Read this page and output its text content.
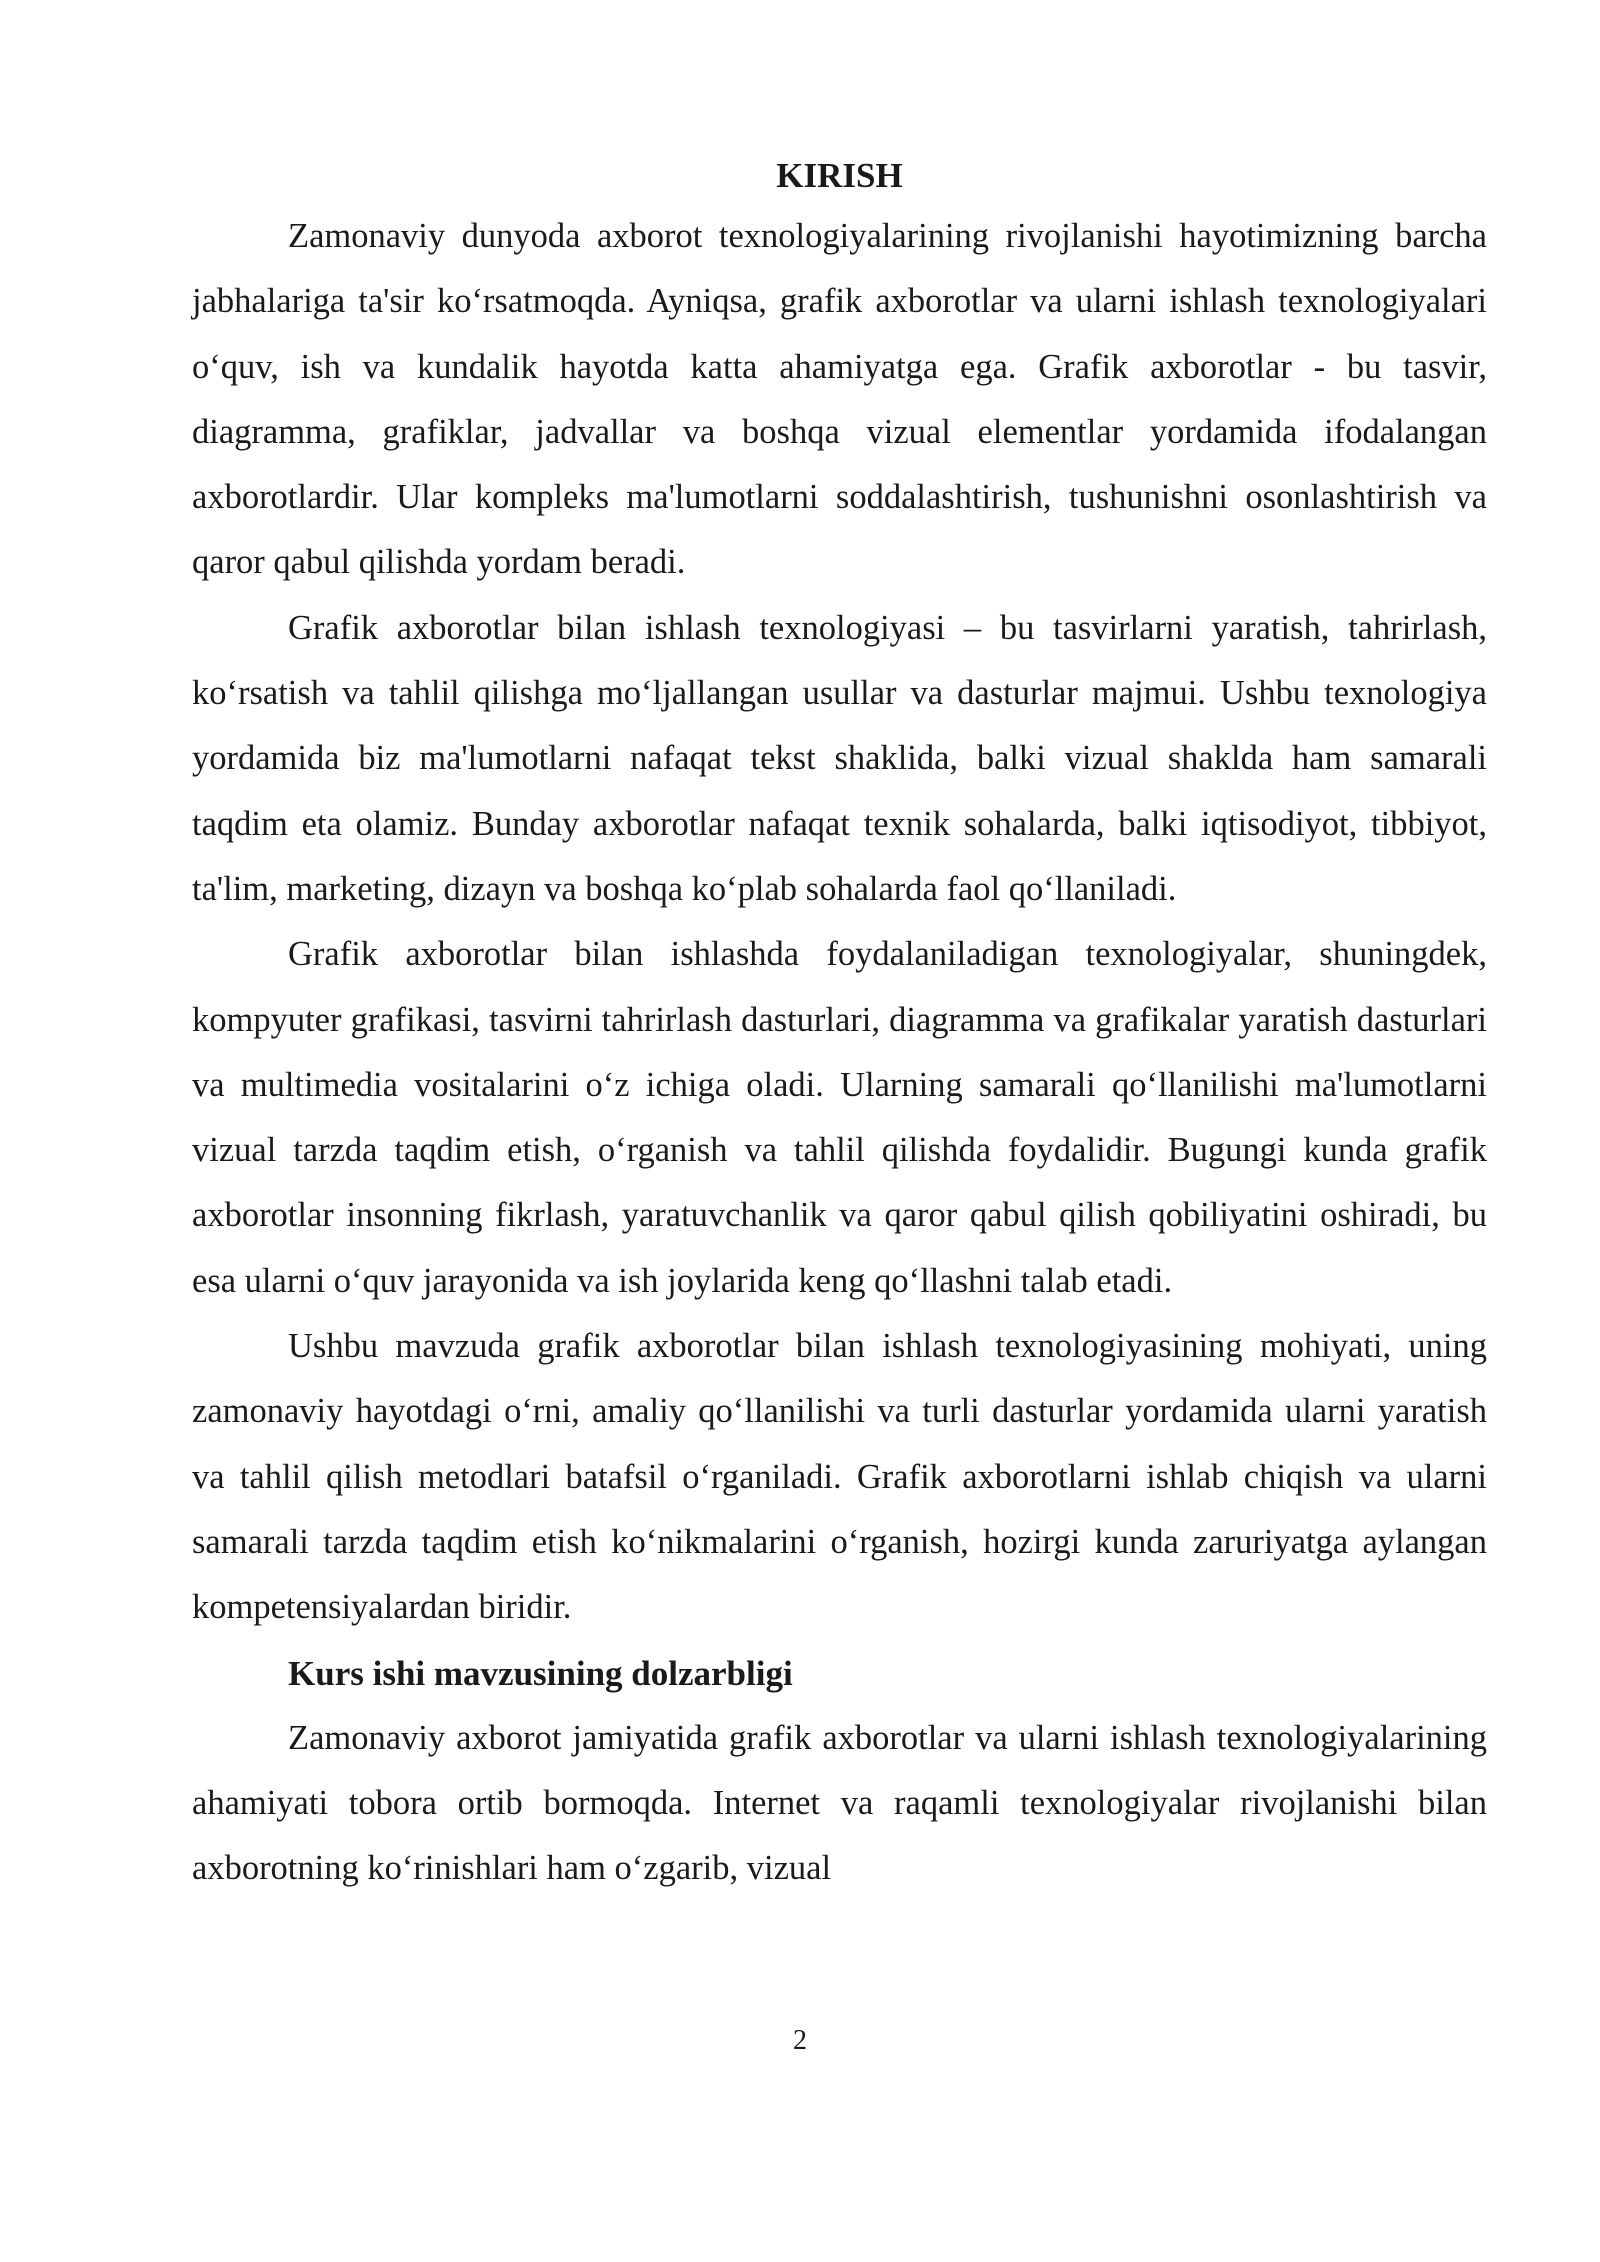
KIRISH

Zamonaviy dunyoda axborot texnologiyalarining rivojlanishi hayotimizning barcha jabhalariga ta'sir koʻrsatmoqda. Ayniqsa, grafik axborotlar va ularni ishlash texnologiyalari oʻquv, ish va kundalik hayotda katta ahamiyatga ega. Grafik axborotlar - bu tasvir, diagramma, grafiklar, jadvallar va boshqa vizual elementlar yordamida ifodalangan axborotlardir. Ular kompleks ma'lumotlarni soddalashtirish, tushunishni osonlashtirish va qaror qabul qilishda yordam beradi.

Grafik axborotlar bilan ishlash texnologiyasi – bu tasvirlarni yaratish, tahrirlash, koʻrsatish va tahlil qilishga moʻljallangan usullar va dasturlar majmui. Ushbu texnologiya yordamida biz ma'lumotlarni nafaqat tekst shaklida, balki vizual shaklda ham samarali taqdim eta olamiz. Bunday axborotlar nafaqat texnik sohalarda, balki iqtisodiyot, tibbiyot, ta'lim, marketing, dizayn va boshqa koʻplab sohalarda faol qoʻllaniladi.

Grafik axborotlar bilan ishlashda foydalaniladigan texnologiyalar, shuningdek, kompyuter grafikasi, tasvirni tahrirlash dasturlari, diagramma va grafikalar yaratish dasturlari va multimedia vositalarini oʻz ichiga oladi. Ularning samarali qoʻllanilishi ma'lumotlarni vizual tarzda taqdim etish, oʻrganish va tahlil qilishda foydalidir. Bugungi kunda grafik axborotlar insonning fikrlash, yaratuvchanlik va qaror qabul qilish qobiliyatini oshiradi, bu esa ularni oʻquv jarayonida va ish joylarida keng qoʻllashni talab etadi.

Ushbu mavzuda grafik axborotlar bilan ishlash texnologiyasining mohiyati, uning zamonaviy hayotdagi oʻrni, amaliy qoʻllanilishi va turli dasturlar yordamida ularni yaratish va tahlil qilish metodlari batafsil oʻrganiladi. Grafik axborotlarni ishlab chiqish va ularni samarali tarzda taqdim etish koʻnikmalarini oʻrganish, hozirgi kunda zaruriyatga aylangan kompetensiyalardan biridir.

Kurs ishi mavzusining dolzarbligi

Zamonaviy axborot jamiyatida grafik axborotlar va ularni ishlash texnologiyalarining ahamiyati tobora ortib bormoqda. Internet va raqamli texnologiyalar rivojlanishi bilan axborotning koʻrinishlari ham oʻzgarib, vizual

2
